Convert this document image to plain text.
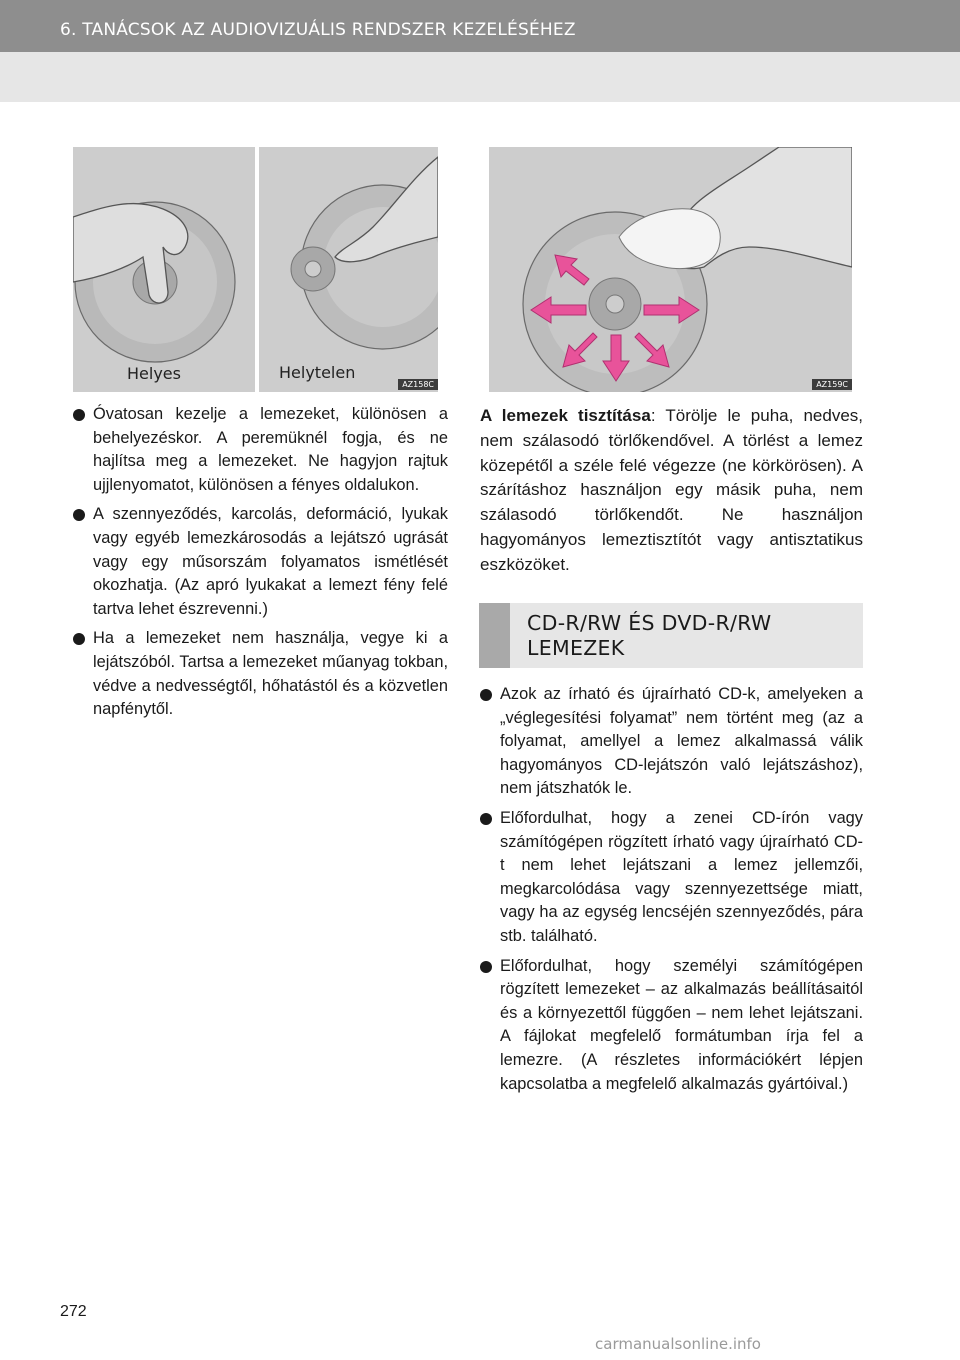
6. TANÁCSOK AZ AUDIOVIZUÁLIS RENDSZER KEZELÉSÉHEZ
AZ158C
Helyes	Helytelen
AZ159C

Óvatosan kezelje a lemezeket, különösen a behelyezéskor. A peremüknél fogja, és ne hajlítsa meg a lemezeket. Ne hagyjon rajtuk ujjlenyomatot, különösen a fényes oldalukon.

A szennyeződés, karcolás, deformáció, lyukak vagy egyéb lemezkárosodás a lejátszó ugrását vagy egy műsorszám folyamatos ismétlését okozhatja. (Az apró lyukakat a lemezt fény felé tartva lehet észrevenni.)

Ha a lemezeket nem használja, vegye ki a lejátszóból. Tartsa a lemezeket műanyag tokban, védve a nedvességtől, hőhatástól és a közvetlen napfénytől.

A lemezek tisztítása: Törölje le puha, nedves, nem szálasodó törlőkendővel. A törlést a lemez közepétől a széle felé végezze (ne körkörösen). A szárításhoz használjon egy másik puha, nem szálasodó törlőkendőt. Ne használjon hagyományos lemeztisztítót vagy antisztatikus eszközöket.

CD-R/RW ÉS DVD-R/RW LEMEZEK

Azok az írható és újraírható CD-k, amelyeken a „véglegesítési folyamat” nem történt meg (az a folyamat, amellyel a lemez alkalmassá válik hagyományos CD-lejátszón való lejátszáshoz), nem játszhatók le.

Előfordulhat, hogy a zenei CD-írón vagy számítógépen rögzített írható vagy újraírható CD-t nem lehet lejátszani a lemez jellemzői, megkarcolódása vagy szennyezettsége miatt, vagy ha az egység lencséjén szennyeződés, pára stb. található.

Előfordulhat, hogy személyi számítógépen rögzített lemezeket – az alkalmazás beállításaitól és a környezettől függően – nem lehet lejátszani. A fájlokat megfelelő formátumban írja fel a lemezre. (A részletes információkért lépjen kapcsolatba a megfelelő alkalmazás gyártóival.)

272
carmanualsonline.info
